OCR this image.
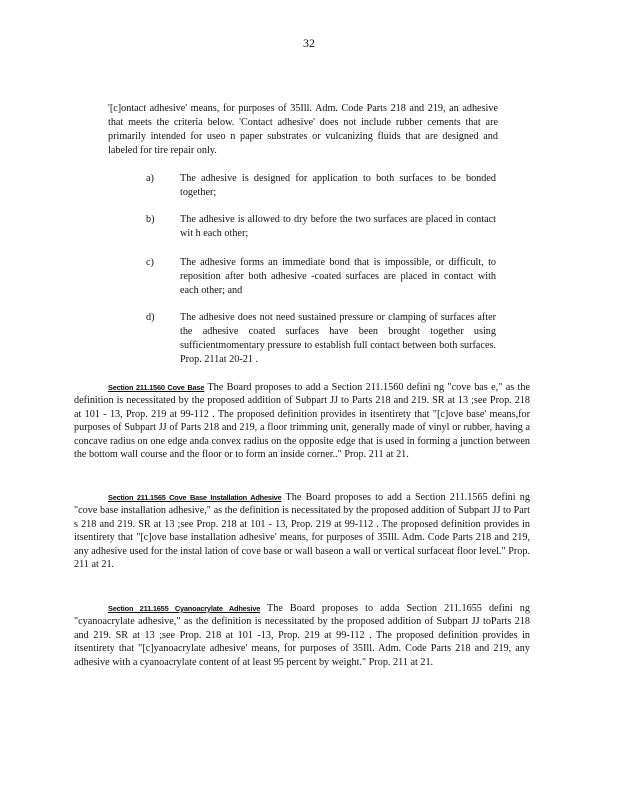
32

'[c]ontact adhesive' means, for purposes of 35Ill. Adm. Code Parts 218 and 219, an adhesive that meets the criteria below. 'Contact adhesive' does not include rubber cements that are primarily intended for useo n paper substrates or vulcanizing fluids that are designed and labeled for tire repair only.

a)	The adhesive is designed for application to both surfaces to be bonded together;
b)	The adhesive is allowed to dry before the two surfaces are placed in contact wit h each other;
c)	The adhesive forms an immediate bond that is impossible, or difficult, to reposition after both adhesive -coated surfaces are placed in contact with each other; and
d)	The adhesive does not need sustained pressure or clamping of surfaces after the adhesive coated surfaces have been brought together using sufficientmomentary pressure to establish full contact between both surfaces. Prop. 211at 20-21 .

Section 211.1560 Cove Base The Board proposes to add a Section 211.1560 defini ng "cove bas e," as the definition is necessitated by the proposed addition of Subpart JJ to Parts 218 and 219. SR at 13 ;see Prop. 218 at 101 - 13, Prop. 219 at 99-112 . The proposed definition provides in itsentirety that "[c]ove base' means,for purposes of Subpart JJ of Parts 218 and 219, a floor trimming unit, generally made of vinyl or rubber, having a concave radius on one edge anda convex radius on the opposite edge that is used in forming a junction between the bottom wall course and the floor or to form an inside corner.." Prop. 211 at 21.

Section 211.1565 Cove Base Installation Adhesive The Board proposes to add a Section 211.1565 defini ng "cove base installation adhesive," as the definition is necessitated by the proposed addition of Subpart JJ to Part s 218 and 219. SR at 13 ;see Prop. 218 at 101 - 13, Prop. 219 at 99-112 . The proposed definition provides in itsentirety that "[c]ove base installation adhesive' means, for purposes of 35Ill. Adm. Code Parts 218 and 219, any adhesive used for the instal lation of cove base or wall baseon a wall or vertical surfaceat floor level." Prop. 211 at 21.

Section 211.1655 Cyanoacrylate Adhesive The Board proposes to adda Section 211.1655 defini ng "cyanoacrylate adhesive," as the definition is necessitated by the proposed addition of Subpart JJ toParts 218 and 219. SR at 13 ;see Prop. 218 at 101 -13, Prop. 219 at 99-112 . The proposed definition provides in itsentirety that "[c]yanoacrylate adhesive' means, for purposes of 35Ill. Adm. Code Parts 218 and 219, any adhesive with a cyanoacrylate content of at least 95 percent by weight." Prop. 211 at 21.
